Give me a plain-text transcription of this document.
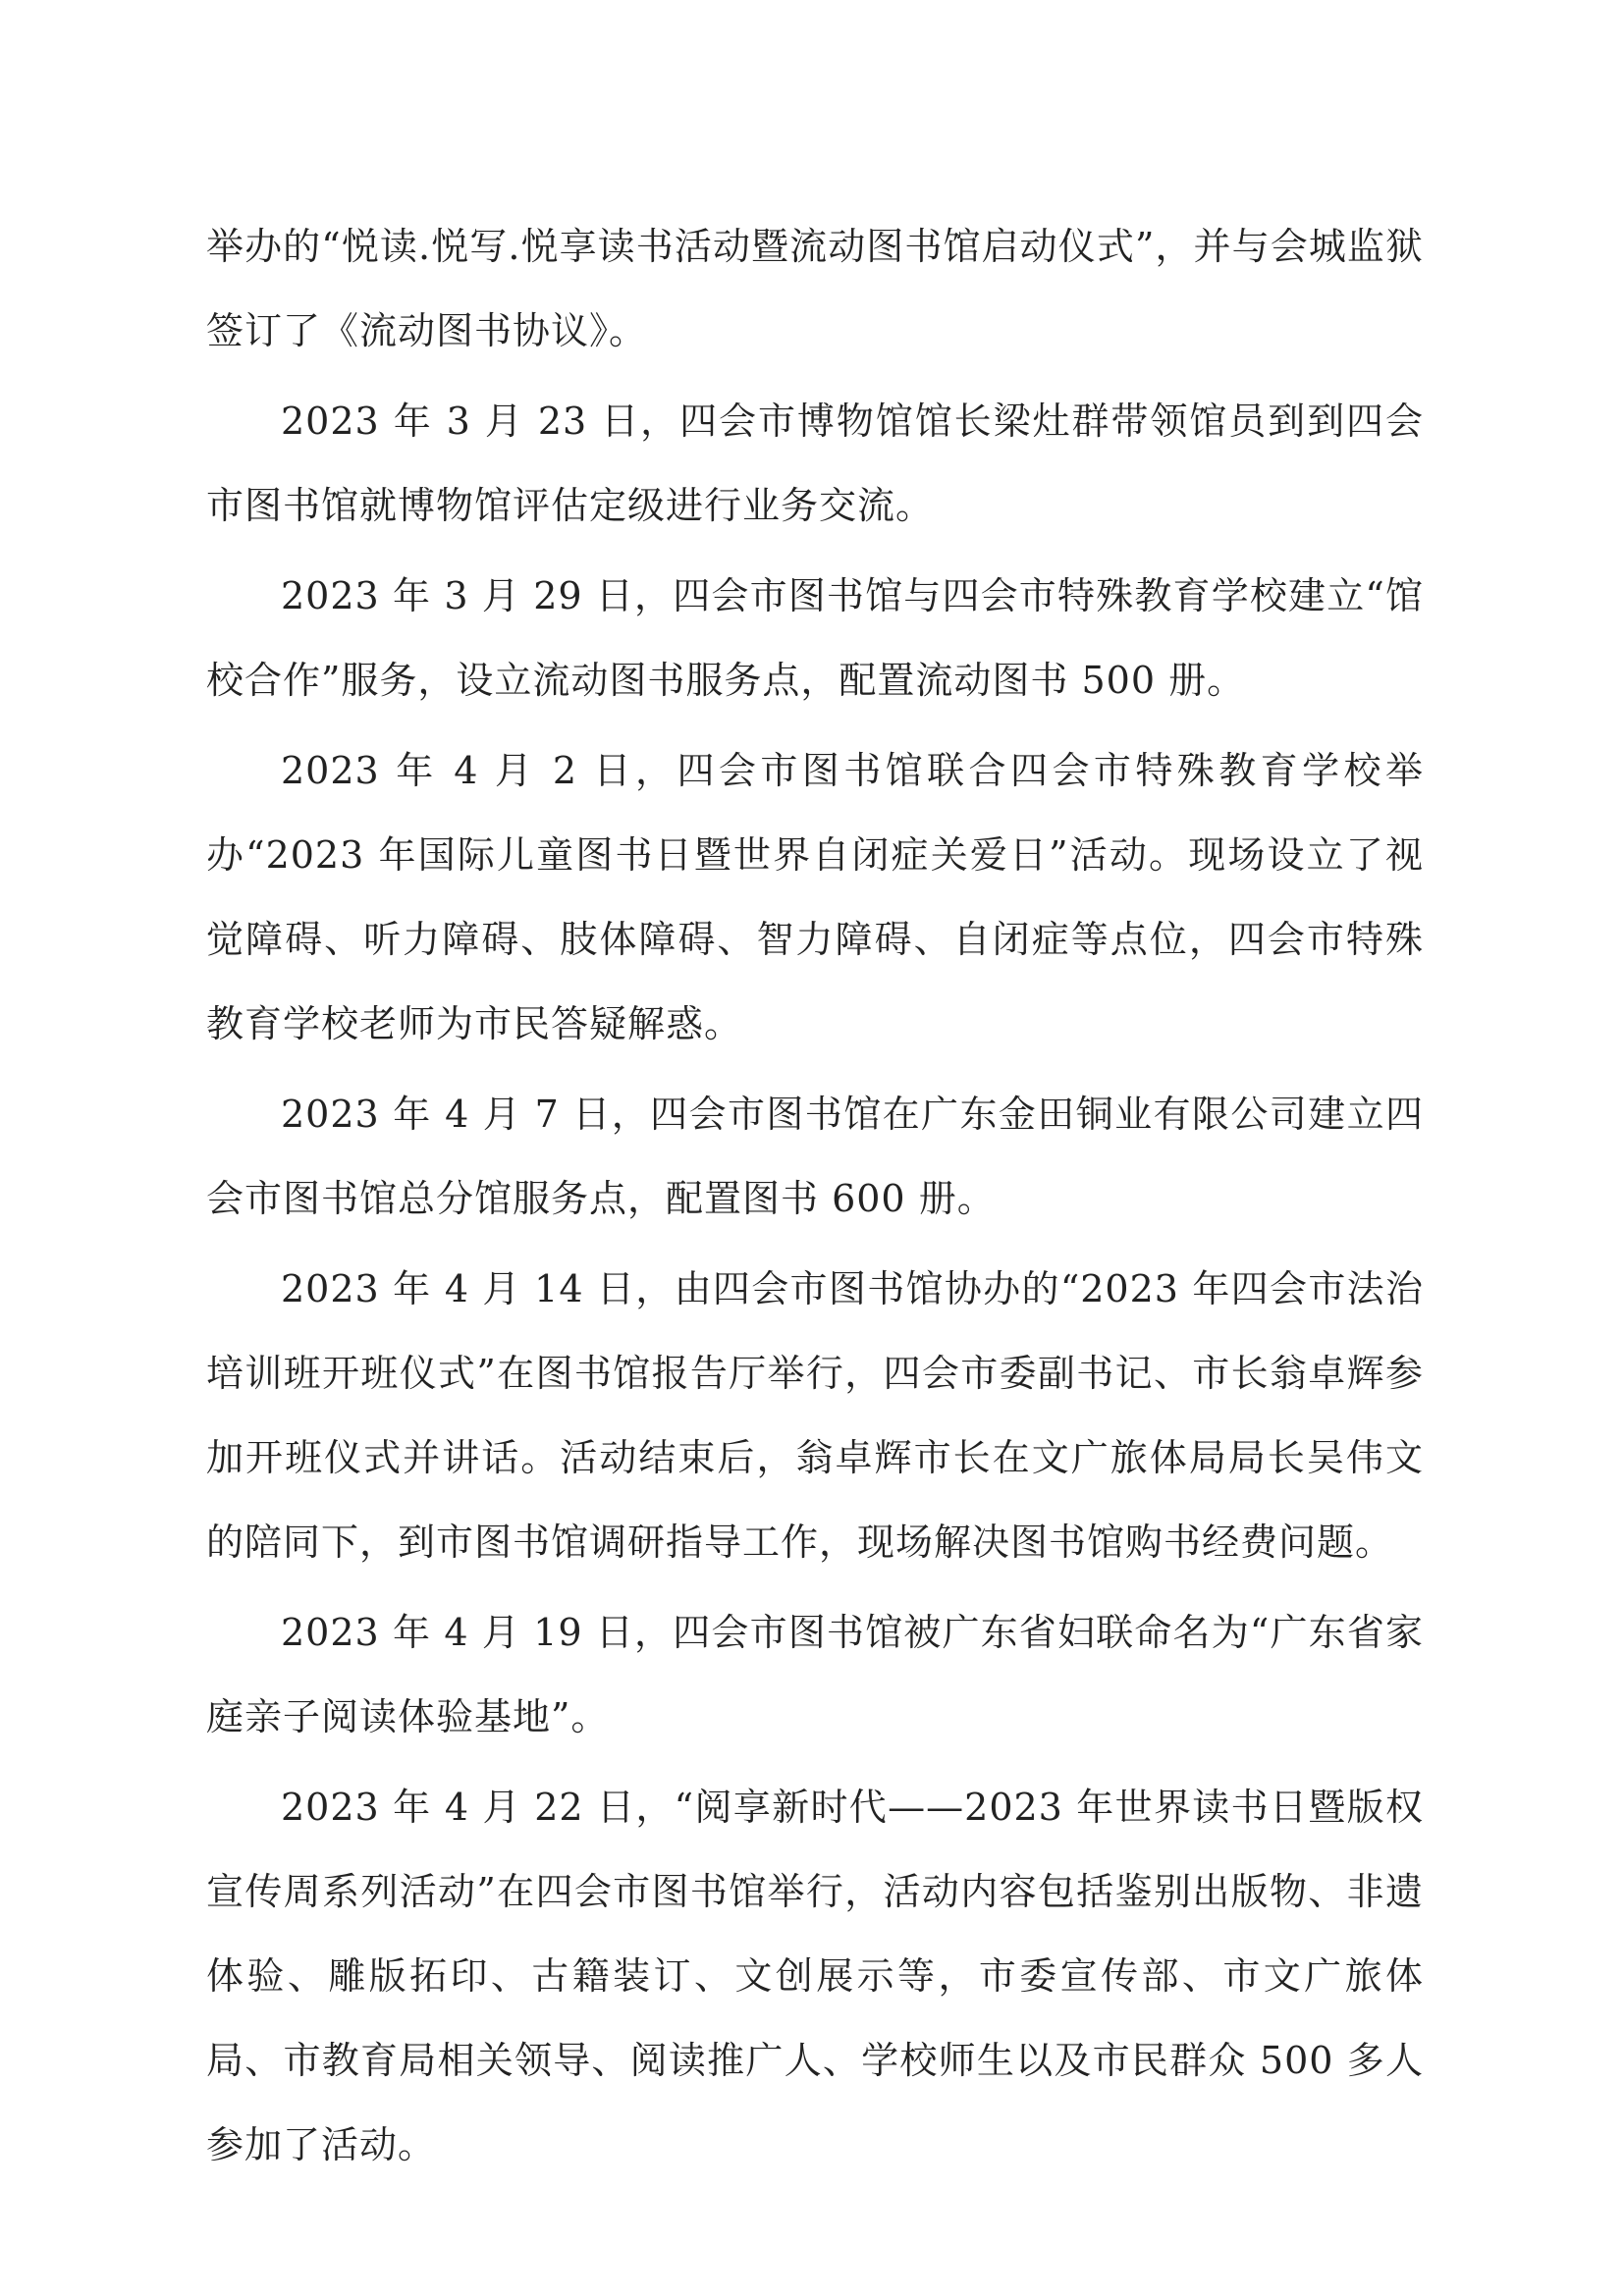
举办的“悦读.悦写.悦享读书活动暨流动图书馆启动仪式”，并与会城监狱签订了《流动图书协议》。

2023 年 3 月 23 日，四会市博物馆馆长梁灶群带领馆员到到四会市图书馆就博物馆评估定级进行业务交流。

2023 年 3 月 29 日，四会市图书馆与四会市特殊教育学校建立“馆校合作”服务，设立流动图书服务点，配置流动图书 500 册。

2023 年 4 月 2 日，四会市图书馆联合四会市特殊教育学校举办“2023 年国际儿童图书日暨世界自闭症关爱日”活动。现场设立了视觉障碍、听力障碍、肢体障碍、智力障碍、自闭症等点位，四会市特殊教育学校老师为市民答疑解惑。

2023 年 4 月 7 日，四会市图书馆在广东金田铜业有限公司建立四会市图书馆总分馆服务点，配置图书 600 册。

2023 年 4 月 14 日，由四会市图书馆协办的“2023 年四会市法治培训班开班仪式”在图书馆报告厅举行，四会市委副书记、市长翁卓辉参加开班仪式并讲话。活动结束后，翁卓辉市长在文广旅体局局长吴伟文的陪同下，到市图书馆调研指导工作，现场解决图书馆购书经费问题。

2023 年 4 月 19 日，四会市图书馆被广东省妇联命名为“广东省家庭亲子阅读体验基地”。

2023 年 4 月 22 日，“阅享新时代——2023 年世界读书日暨版权宣传周系列活动”在四会市图书馆举行，活动内容包括鉴别出版物、非遗体验、雕版拓印、古籍装订、文创展示等，市委宣传部、市文广旅体局、市教育局相关领导、阅读推广人、学校师生以及市民群众 500 多人参加了活动。
